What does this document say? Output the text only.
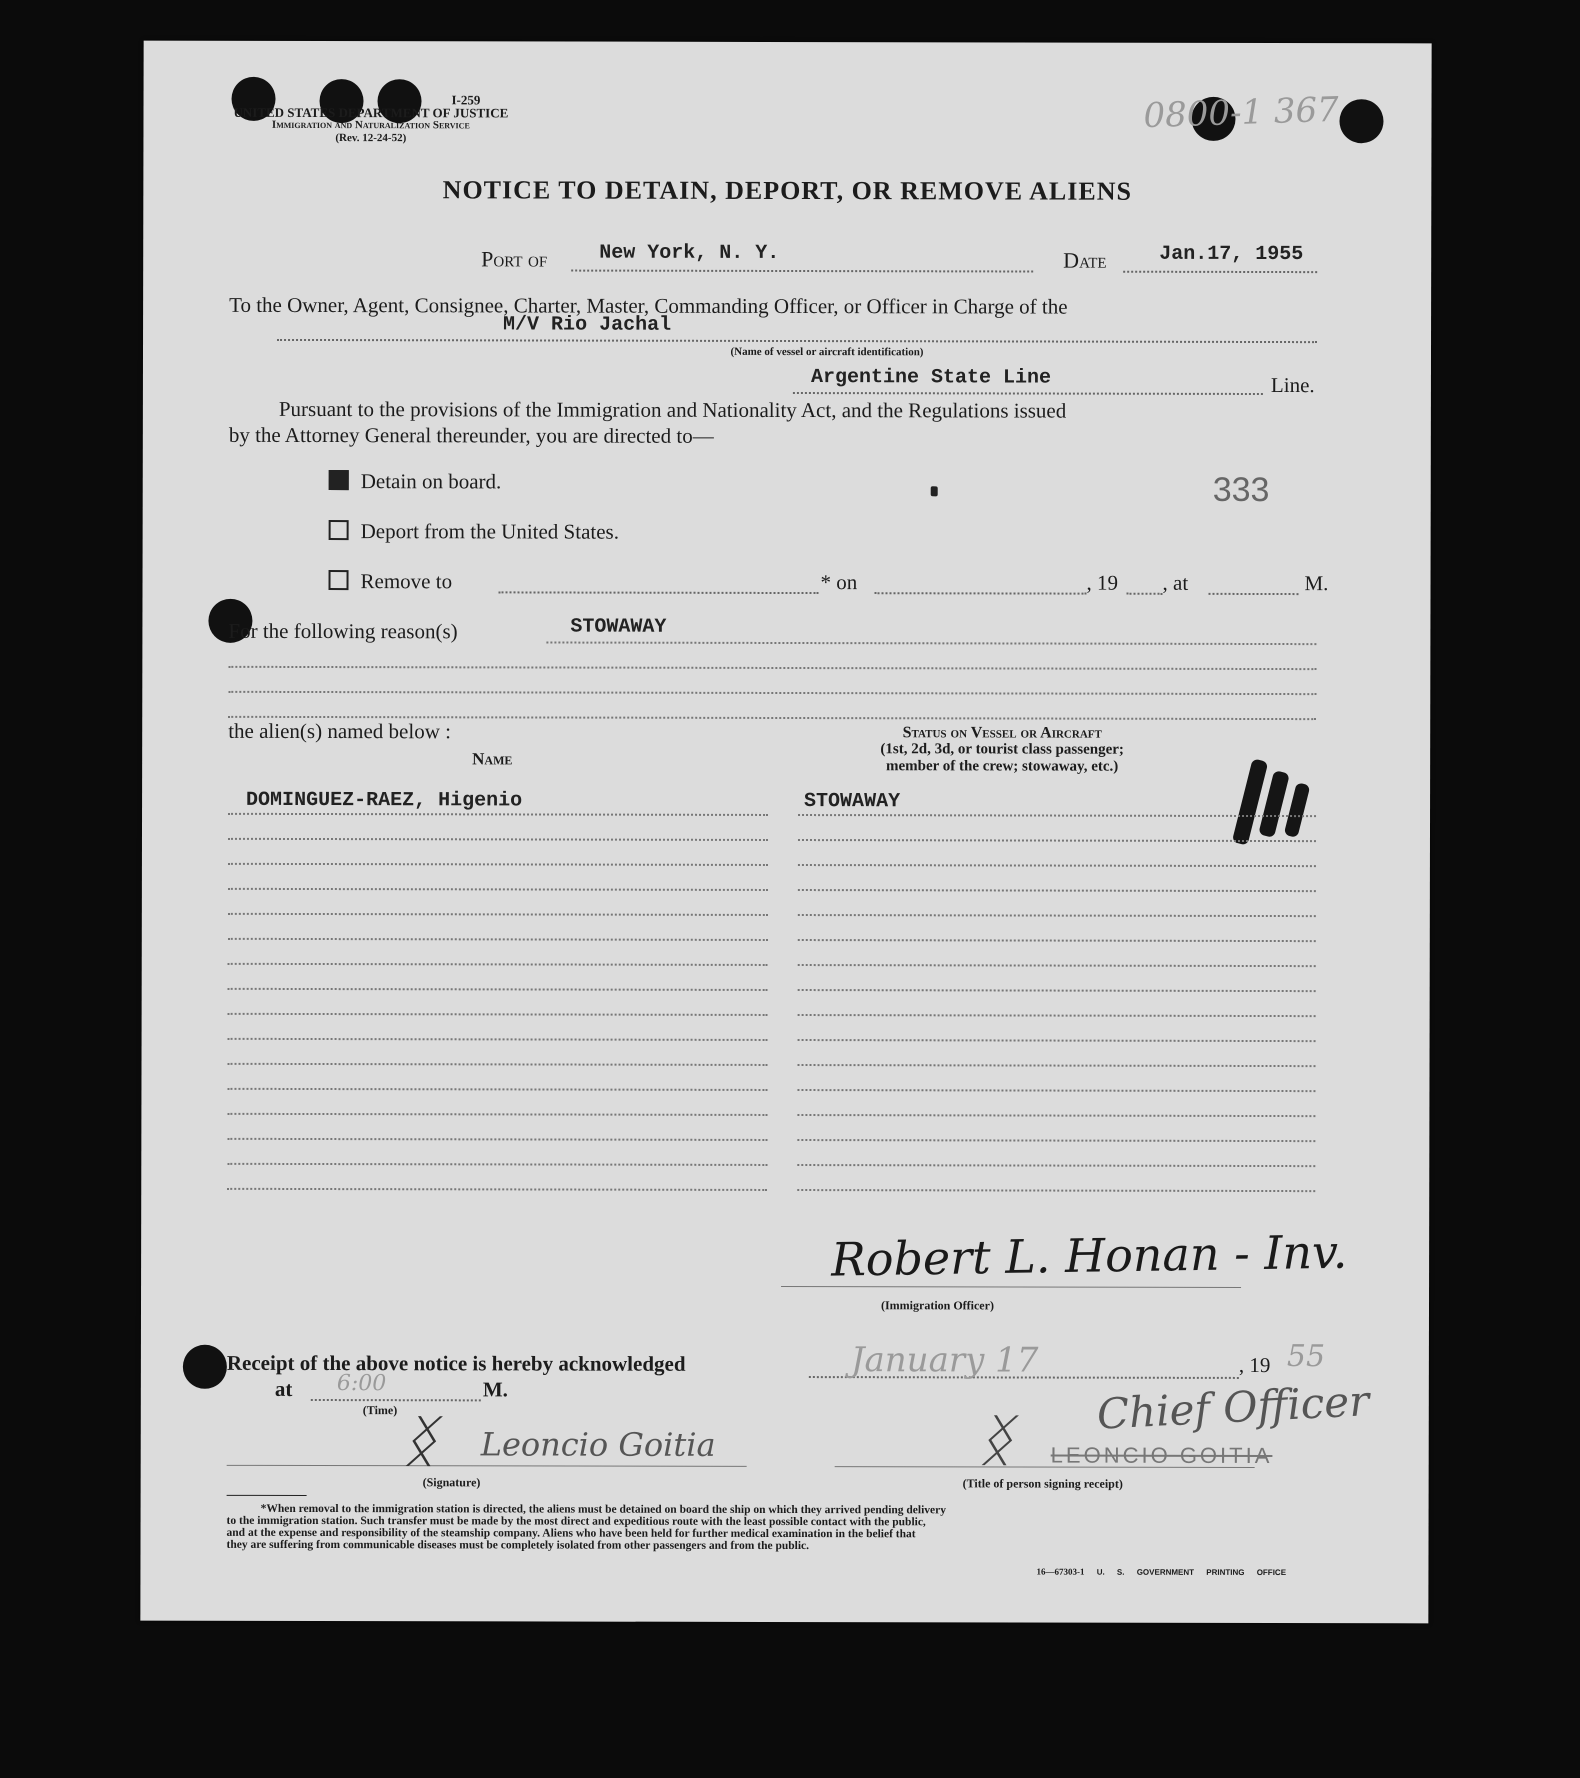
I-259
UNITED STATES DEPARTMENT OF JUSTICE
Immigration and Naturalization Service
(Rev. 12-24-52)
0800-1 367
NOTICE TO DETAIN, DEPORT, OR REMOVE ALIENS
Port of	New York, N. Y.	Date	Jan.17, 1955
To the Owner, Agent, Consignee, Charter, Master, Commanding Officer, or Officer in Charge of the
M/V Rio Jachal
(Name of vessel or aircraft identification)
Argentine State Line	Line.
Pursuant to the provisions of the Immigration and Nationality Act, and the Regulations issued
by the Attorney General thereunder, you are directed to—
Detain on board.	333
Deport from the United States.
Remove to	* on	, 19 , at	M.
For the following reason(s)	STOWAWAY
the alien(s) named below :
Name
Status on Vessel or Aircraft
(1st, 2d, 3d, or tourist class passenger;
member of the crew; stowaway, etc.)
DOMINGUEZ-RAEZ, Higenio	STOWAWAY
Robert L. Honan - Inv.
(Immigration Officer)
Receipt of the above notice is hereby acknowledged	January 17	, 19 55
at 6:00	M.
(Time) ᛝ Leoncio Goitia
(Signature)
Chief Officer
ᛝ LEONCIO GOITIA
(Title of person signing receipt)
*When removal to the immigration station is directed, the aliens must be detained on board the ship on which they arrived pending delivery
to the immigration station. Such transfer must be made by the most direct and expeditious route with the least possible contact with the public,
and at the expense and responsibility of the steamship company. Aliens who have been held for further medical examination in the belief that
they are suffering from communicable diseases must be completely isolated from other passengers and from the public.
16—67303-1 U. S. GOVERNMENT PRINTING OFFICE
